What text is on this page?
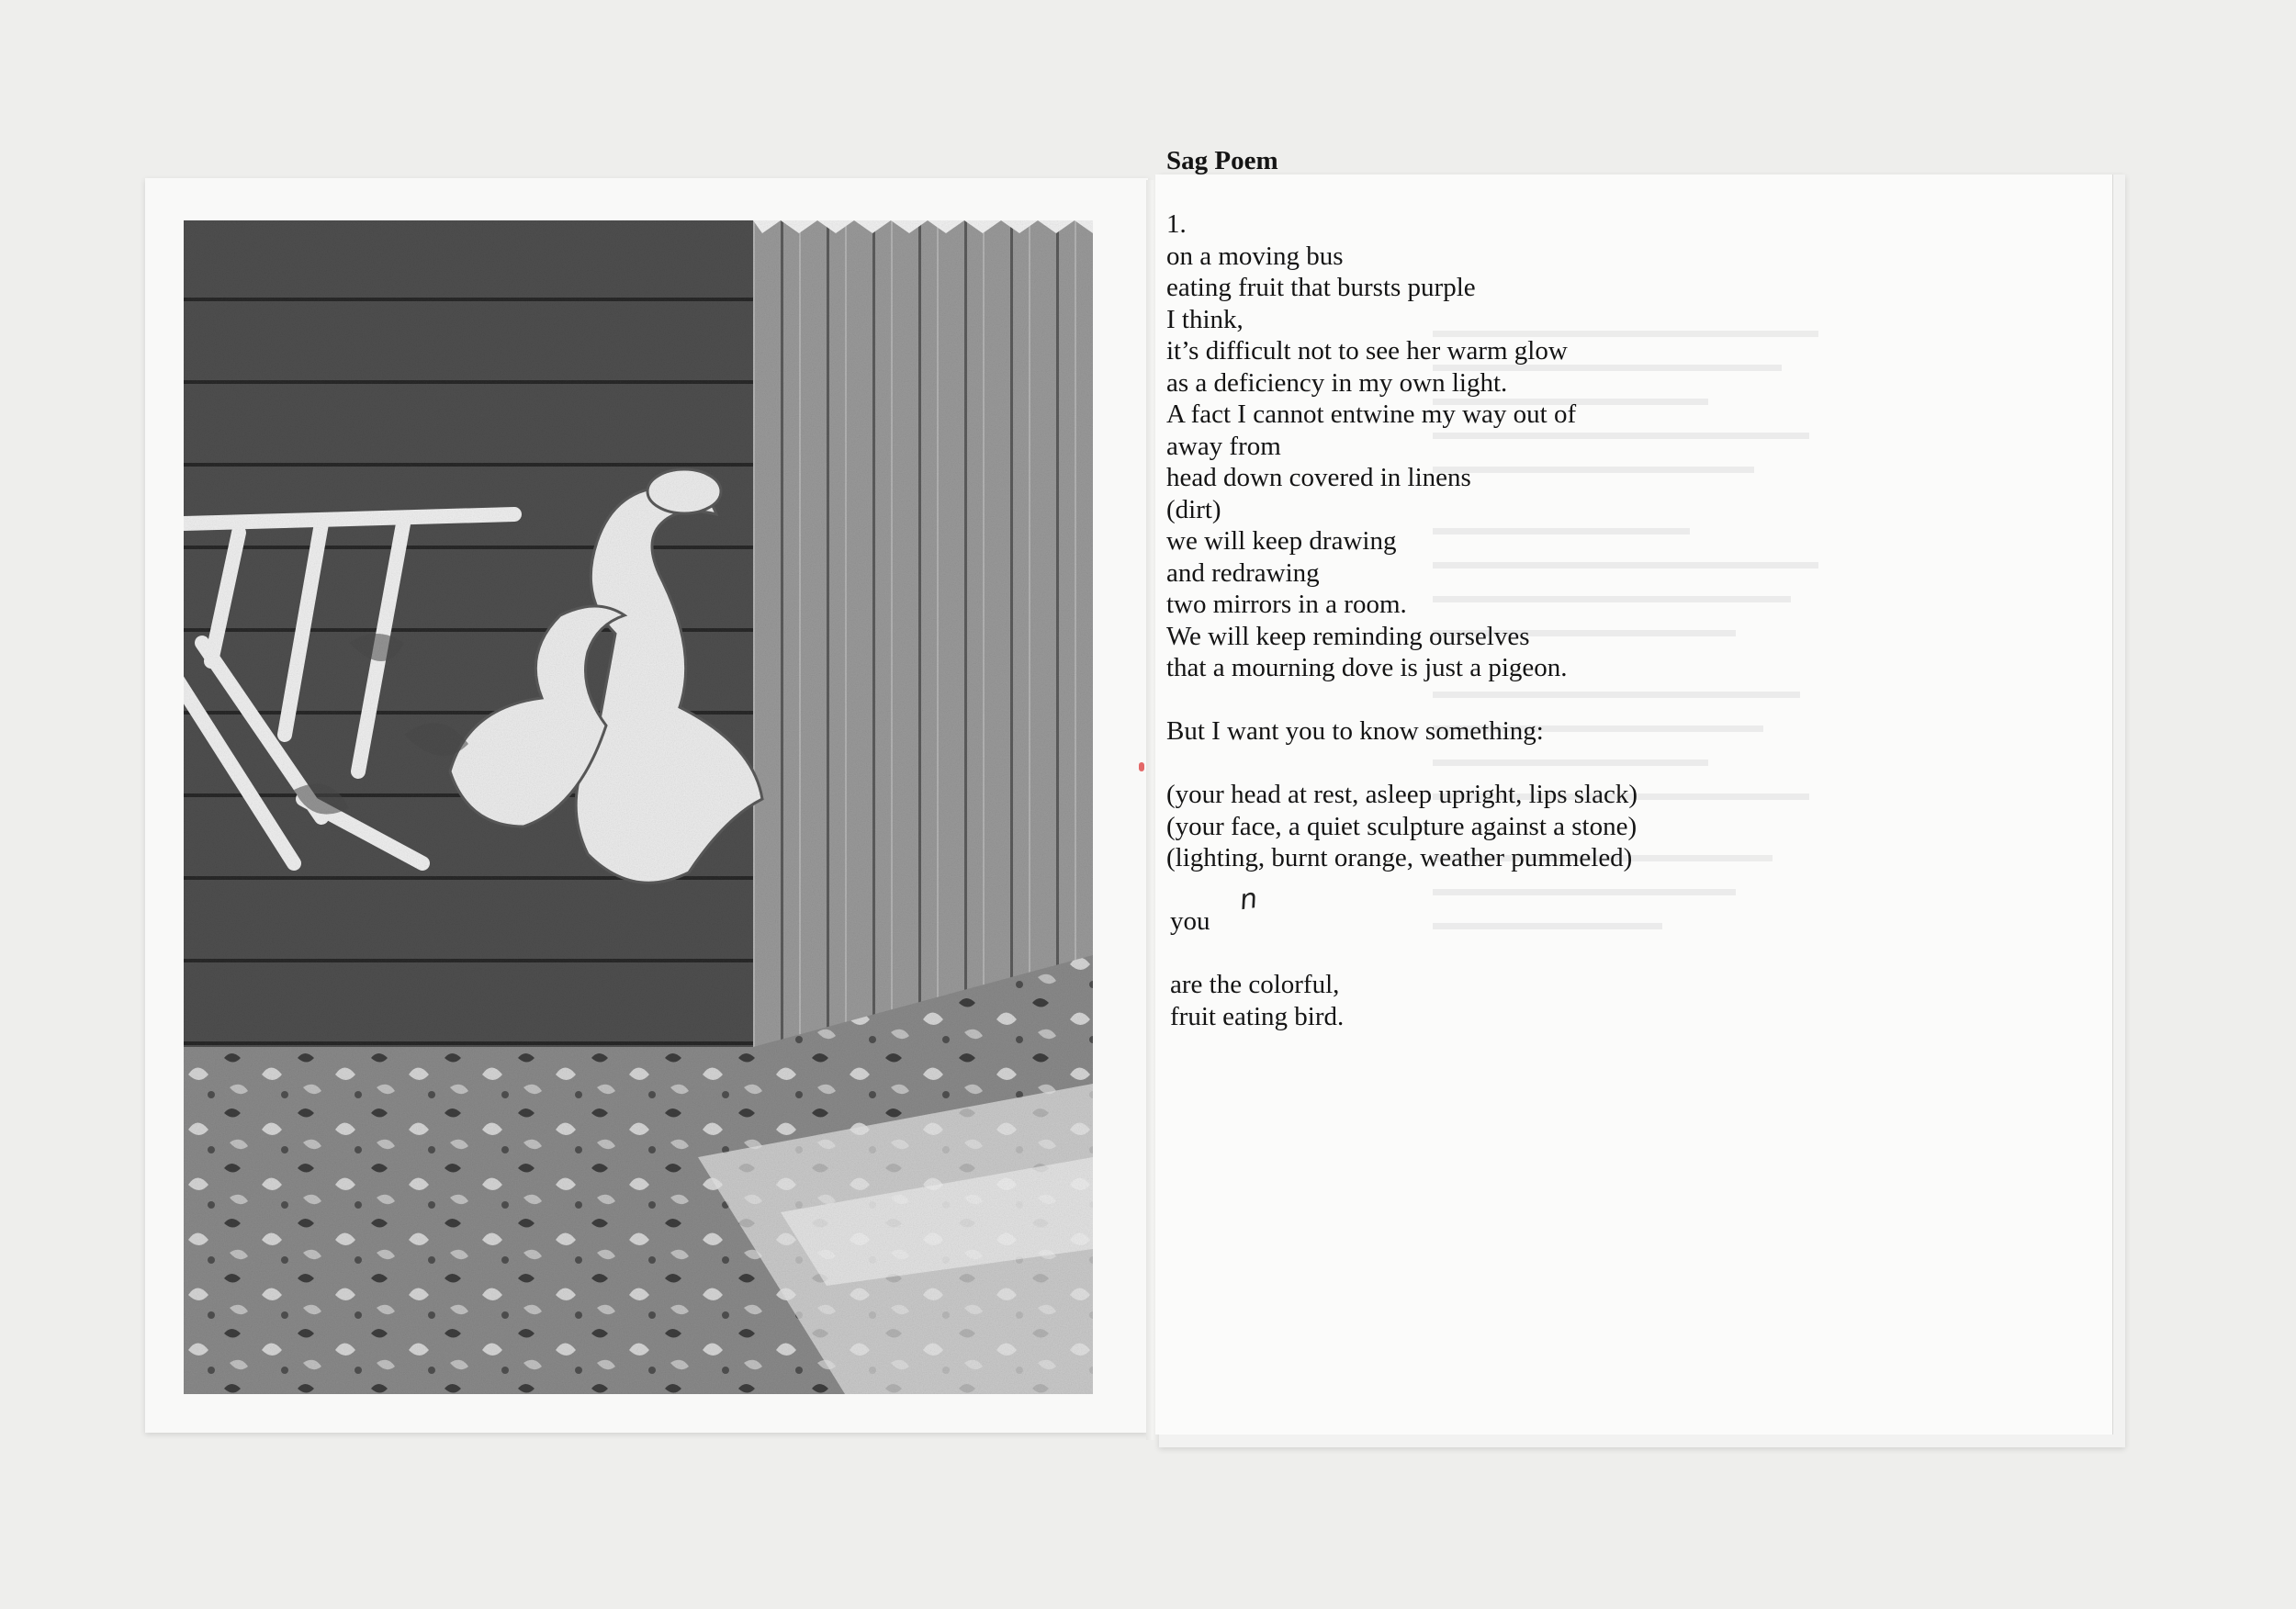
Sag Poem
1.
on a moving bus
eating fruit that bursts purple
I think,
it’s difficult not to see her warm glow
as a deficiency in my own light.
A fact I cannot entwine my way out of
away from
head down covered in linens
(dirt)
we will keep drawing
and redrawing
two mirrors in a room.
We will keep reminding ourselves
that a mourning dove is just a pigeon.
But I want you to know something:
(your head at rest, asleep upright, lips slack)
(your face, a quiet sculpture against a stone)
(lighting, burnt orange, weather pummeled)
you
are the colorful,
fruit eating bird.
n
